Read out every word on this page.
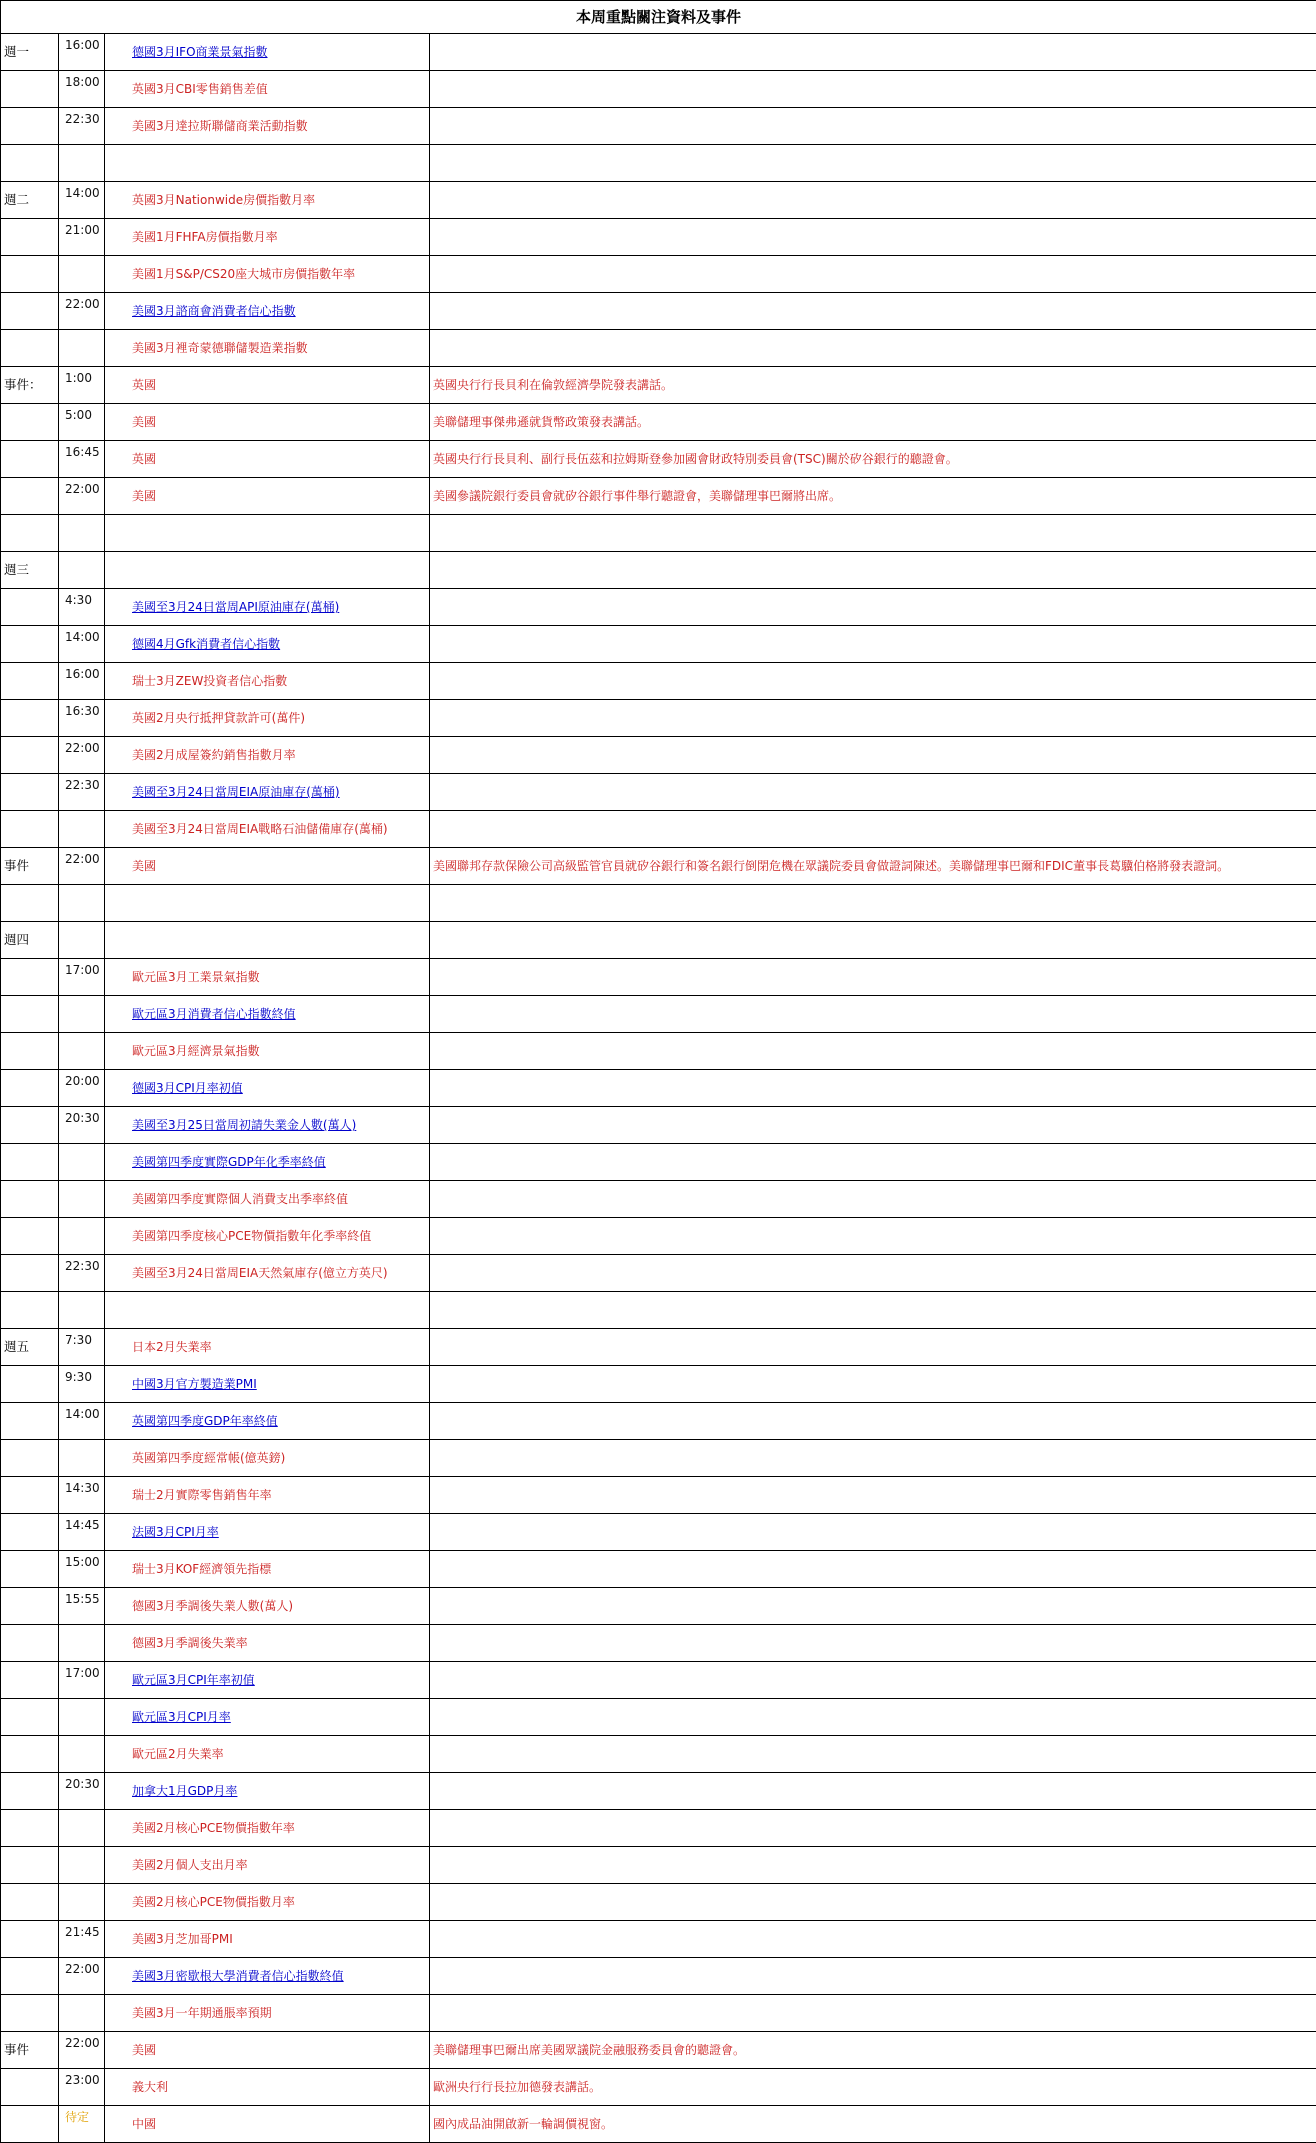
本周重點關注資料及事件			
週一	16:00	德國3月IFO商業景氣指數	
	18:00	英國3月CBI零售銷售差值	
	22:30	美國3月達拉斯聯儲商業活動指數	

週二	14:00	英國3月Nationwide房價指數月率	
	21:00	美國1月FHFA房價指數月率	
		美國1月S&P/CS20座大城市房價指數年率	
	22:00	美國3月諮商會消費者信心指數	
		美國3月裡奇蒙德聯儲製造業指數	
事件：	1:00	英國	英國央行行長貝利在倫敦經濟學院發表講話。
	5:00	美國	美聯儲理事傑弗遜就貨幣政策發表講話。
	16:45	英國	英國央行行長貝利、副行長伍茲和拉姆斯登參加國會財政特別委員會(TSC)關於矽谷銀行的聽證會。
	22:00	美國	美國參議院銀行委員會就矽谷銀行事件舉行聽證會，美聯儲理事巴爾將出席。

週三			
	4:30	美國至3月24日當周API原油庫存(萬桶)	
	14:00	德國4月Gfk消費者信心指數	
	16:00	瑞士3月ZEW投資者信心指數	
	16:30	英國2月央行抵押貸款許可(萬件)	
	22:00	美國2月成屋簽約銷售指數月率	
	22:30	美國至3月24日當周EIA原油庫存(萬桶)	
		美國至3月24日當周EIA戰略石油儲備庫存(萬桶)	
事件	22:00	美國	美國聯邦存款保險公司高級監管官員就矽谷銀行和簽名銀行倒閉危機在眾議院委員會做證詞陳述。美聯儲理事巴爾和FDIC董事長葛驥伯格將發表證詞。

週四			
	17:00	歐元區3月工業景氣指數	
		歐元區3月消費者信心指數終值	
		歐元區3月經濟景氣指數	
	20:00	德國3月CPI月率初值	
	20:30	美國至3月25日當周初請失業金人數(萬人)	
		美國第四季度實際GDP年化季率終值	
		美國第四季度實際個人消費支出季率終值	
		美國第四季度核心PCE物價指數年化季率終值	
	22:30	美國至3月24日當周EIA天然氣庫存(億立方英尺)	

週五	7:30	日本2月失業率	
	9:30	中國3月官方製造業PMI	
	14:00	英國第四季度GDP年率終值	
		英國第四季度經常帳(億英鎊)	
	14:30	瑞士2月實際零售銷售年率	
	14:45	法國3月CPI月率	
	15:00	瑞士3月KOF經濟領先指標	
	15:55	德國3月季調後失業人數(萬人)	
		德國3月季調後失業率	
	17:00	歐元區3月CPI年率初值	
		歐元區3月CPI月率	
		歐元區2月失業率	
	20:30	加拿大1月GDP月率	
		美國2月核心PCE物價指數年率	
		美國2月個人支出月率	
		美國2月核心PCE物價指數月率	
	21:45	美國3月芝加哥PMI	
	22:00	美國3月密歇根大學消費者信心指數終值	
		美國3月一年期通脹率預期	
事件	22:00	美國	美聯儲理事巴爾出席美國眾議院金融服務委員會的聽證會。
	23:00	義大利	歐洲央行行長拉加德發表講話。
	待定	中國	國內成品油開啟新一輪調價視窗。
